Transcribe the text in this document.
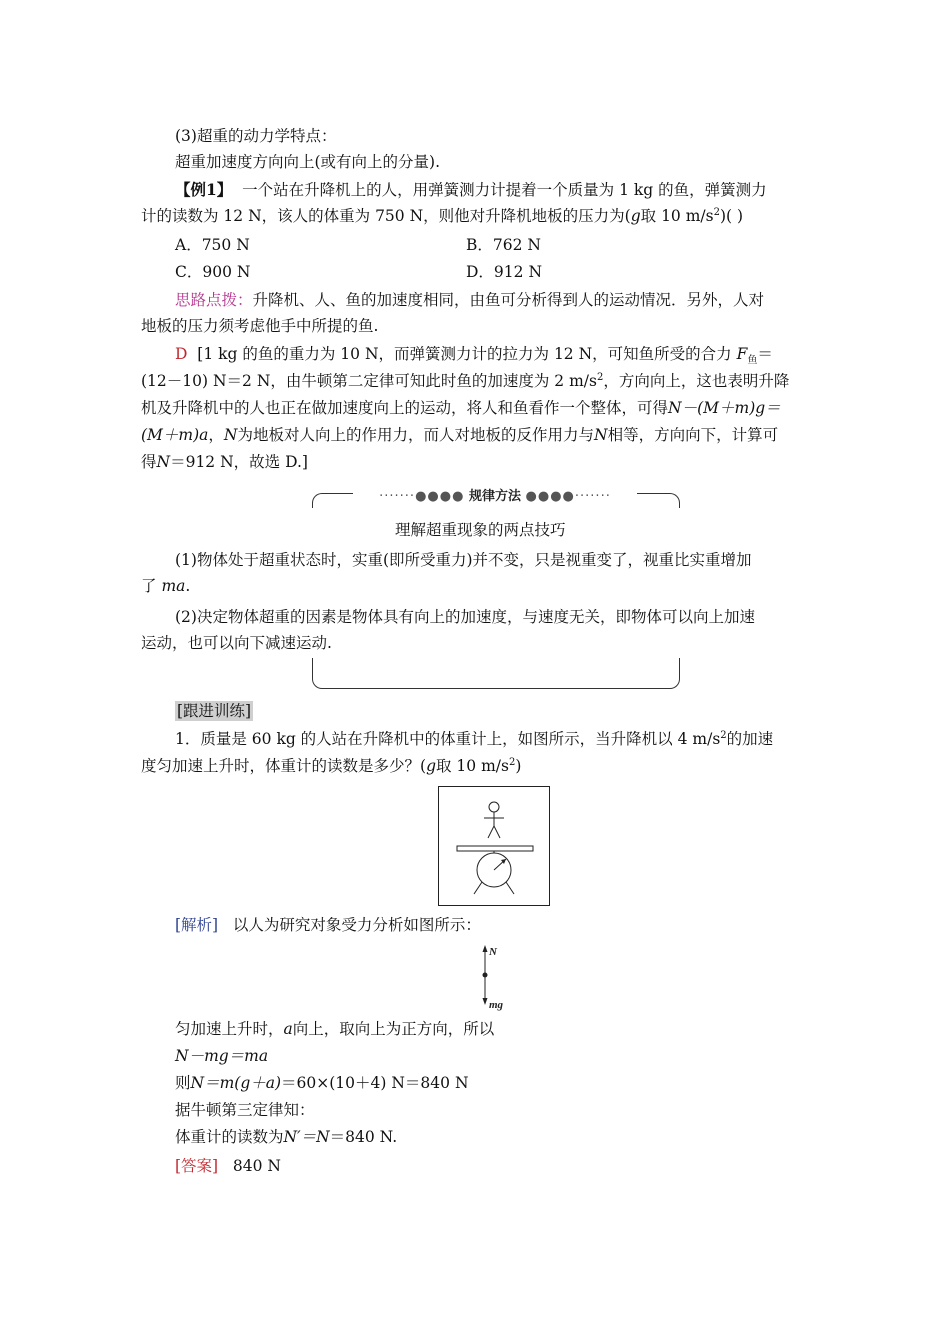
(3)超重的动力学特点：
超重加速度方向向上(或有向上的分量).
【例1】 一个站在升降机上的人，用弹簧测力计提着一个质量为 1 kg 的鱼，弹簧测力
计的读数为 12 N，该人的体重为 750 N，则他对升降机地板的压力为(g取 10 $m/s^2$)( )
A．750 N	B．762 N
C．900 N	D．912 N
思路点拨：升降机、人、鱼的加速度相同，由鱼可分析得到人的运动情况．另外，人对
地板的压力须考虑他手中所提的鱼.
D [1 kg 的鱼的重力为 10 N，而弹簧测力计的拉力为 12 N，可知鱼所受的合力 $F_鱼=$
(12－10) N＝2 N，由牛顿第二定律可知此时鱼的加速度为 2 $m/s^2$，方向向上，这也表明升降
机及升降机中的人也正在做加速度向上的运动，将人和鱼看作一个整体，可得N－(M＋m)g＝
(M＋m)a，N为地板对人向上的作用力，而人对地板的反作用力与N相等，方向向下，计算可
得N＝912 N，故选 D.]
·······●●●● 规律方法 ●●●●·······
理解超重现象的两点技巧
(1)物体处于超重状态时，实重(即所受重力)并不变，只是视重变了，视重比实重增加
了 ma.
(2)决定物体超重的因素是物体具有向上的加速度，与速度无关，即物体可以向上加速
运动，也可以向下减速运动.
[跟进训练]
1．质量是 60 kg 的人站在升降机中的体重计上，如图所示，当升降机以 4 $m/s^2$的加速
度匀加速上升时，体重计的读数是多少？(g取 10 $m/s^2$)
[解析] 以人为研究对象受力分析如图所示：
N
mg
匀加速上升时，a向上，取向上为正方向，所以
N－mg＝ma
则N＝m(g＋a)＝60×(10＋4) N＝840 N
据牛顿第三定律知：
体重计的读数为N′＝N＝840 N.
[答案] 840 N
